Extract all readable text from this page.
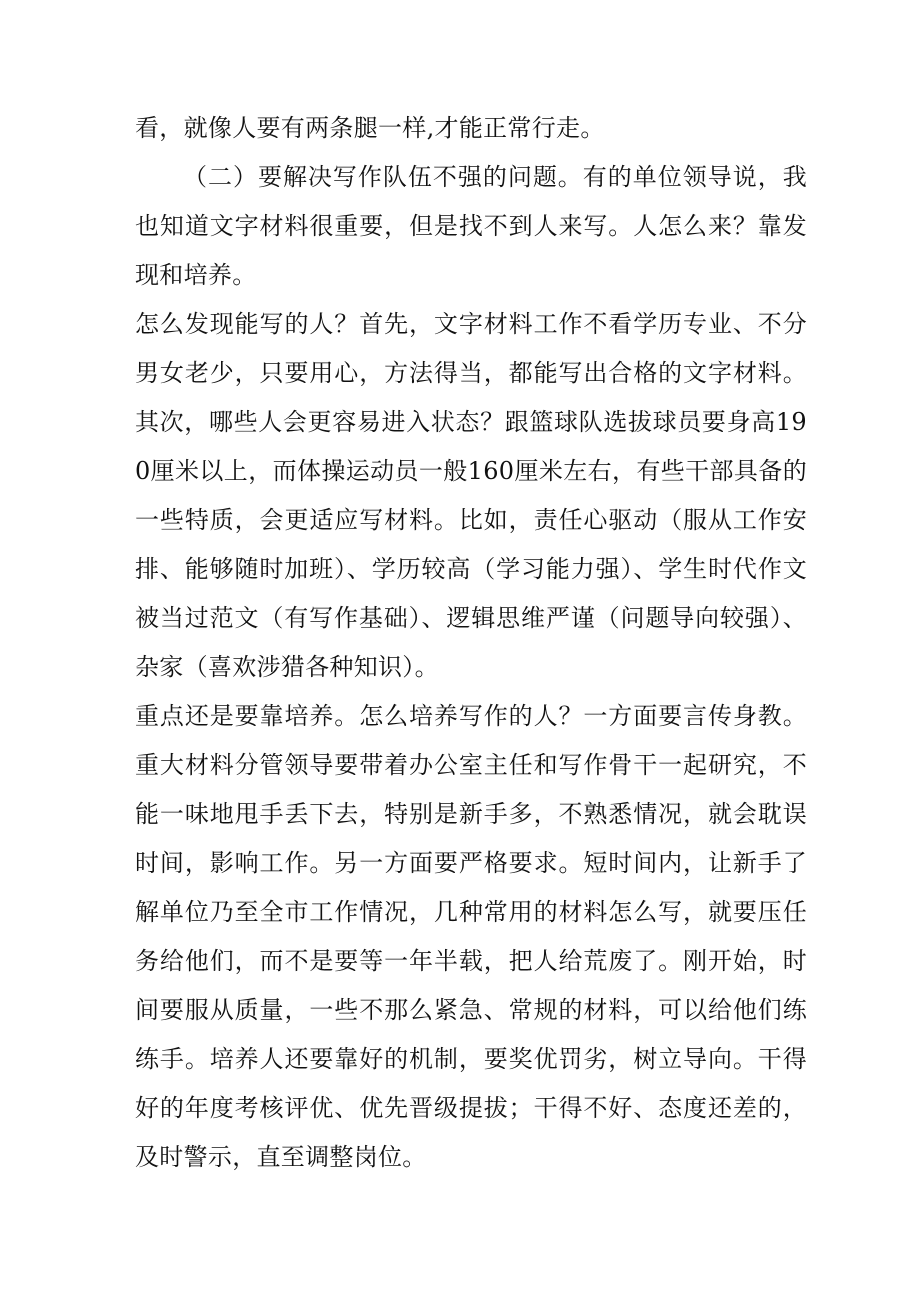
看，就像人要有两条腿一样,才能正常行走。

（二）要解决写作队伍不强的问题。有的单位领导说，我也知道文字材料很重要，但是找不到人来写。人怎么来？靠发现和培养。

怎么发现能写的人？首先，文字材料工作不看学历专业、不分男女老少，只要用心，方法得当，都能写出合格的文字材料。其次，哪些人会更容易进入状态？跟篮球队选拔球员要身高190厘米以上，而体操运动员一般160厘米左右，有些干部具备的一些特质，会更适应写材料。比如，责任心驱动（服从工作安排、能够随时加班）、学历较高（学习能力强）、学生时代作文被当过范文（有写作基础）、逻辑思维严谨（问题导向较强）、杂家（喜欢涉猎各种知识）。

重点还是要靠培养。怎么培养写作的人？一方面要言传身教。重大材料分管领导要带着办公室主任和写作骨干一起研究，不能一味地甩手丢下去，特别是新手多，不熟悉情况，就会耽误时间，影响工作。另一方面要严格要求。短时间内，让新手了解单位乃至全市工作情况，几种常用的材料怎么写，就要压任务给他们，而不是要等一年半载，把人给荒废了。刚开始，时间要服从质量，一些不那么紧急、常规的材料，可以给他们练练手。培养人还要靠好的机制，要奖优罚劣，树立导向。干得好的年度考核评优、优先晋级提拔；干得不好、态度还差的，及时警示，直至调整岗位。
